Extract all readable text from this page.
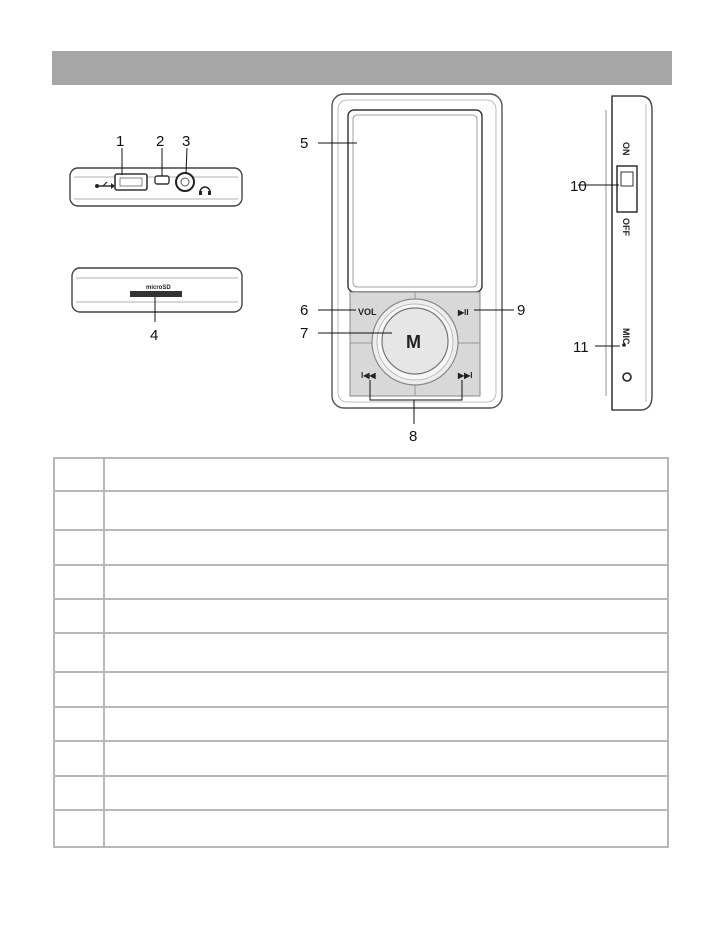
1 2 3
microSD
4	M
VOL	▶II
I◀◀	▶▶I
5
6
7
9
8
ON
OFF
MIC
10
11
